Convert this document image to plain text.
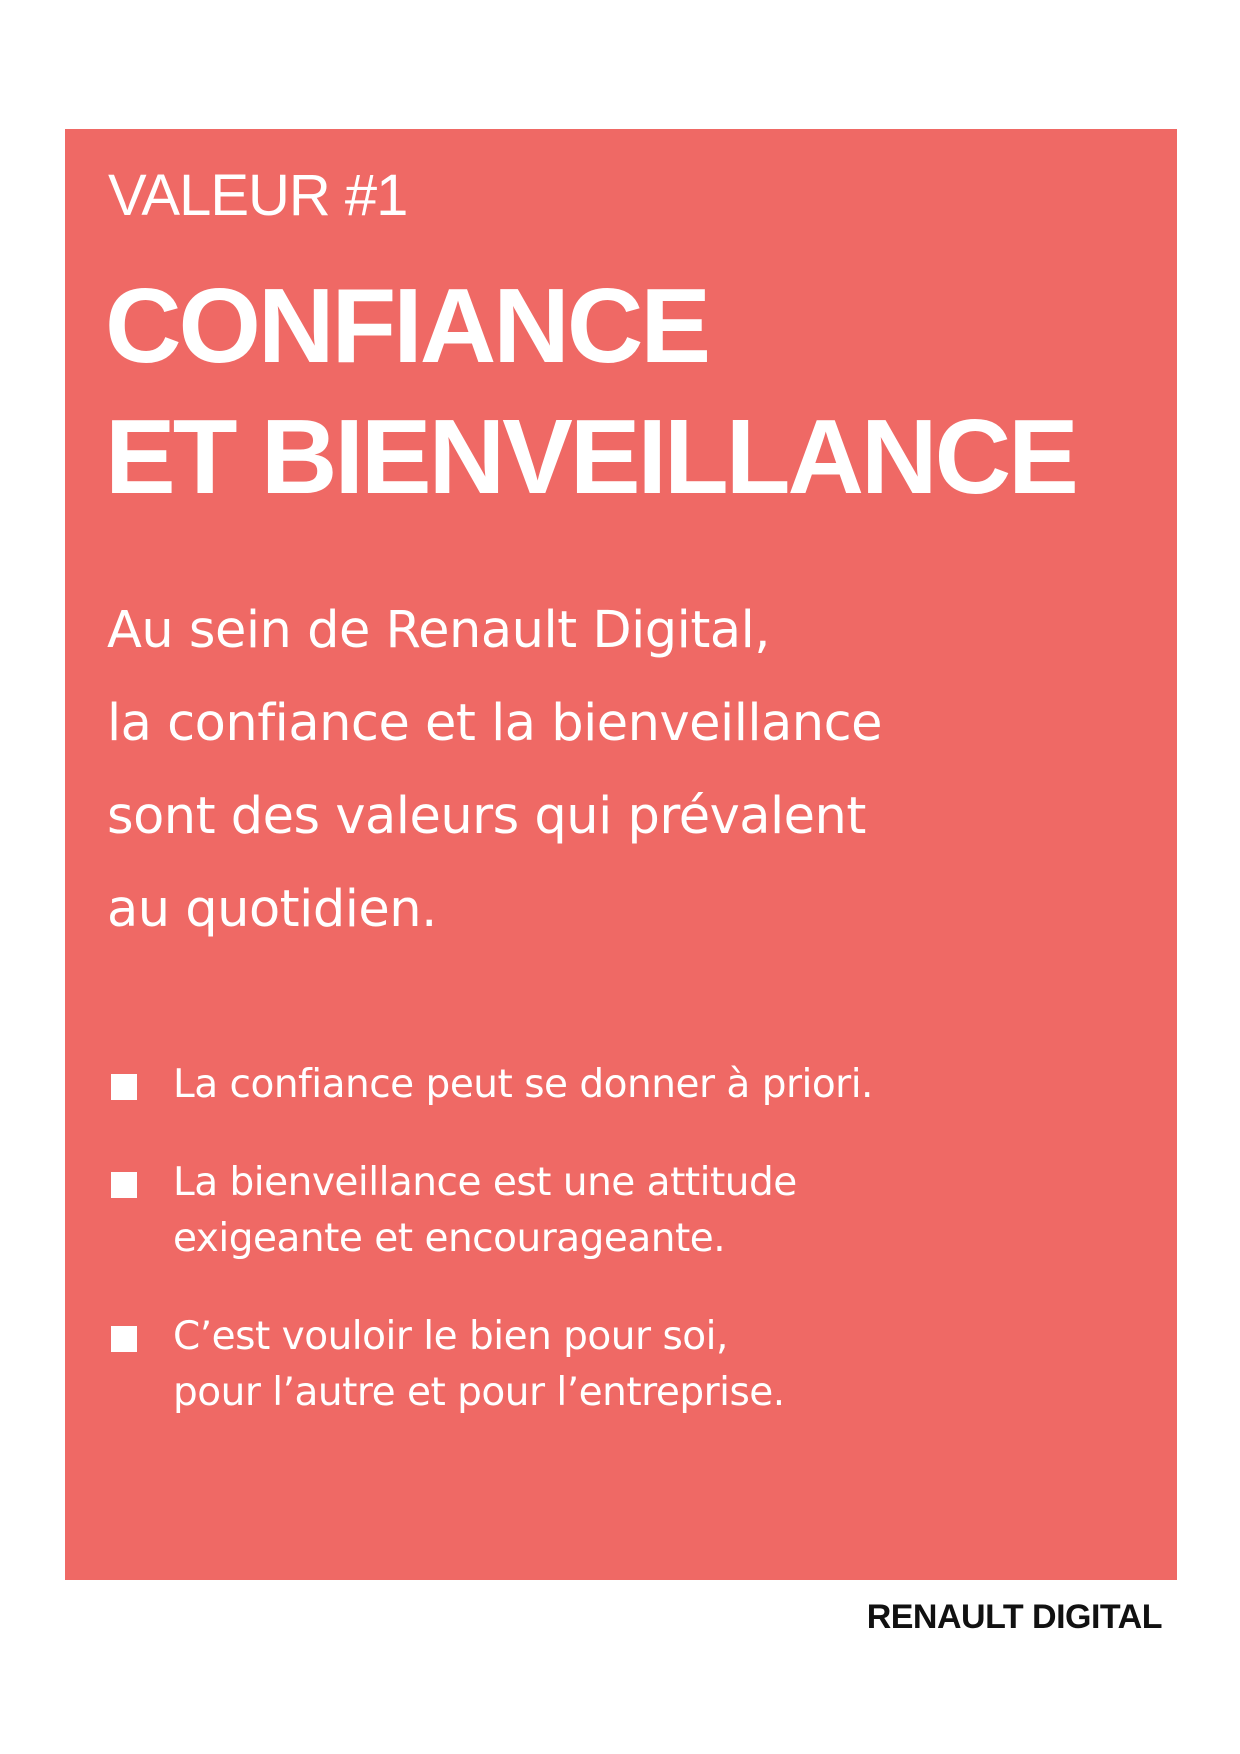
VALEUR #1
CONFIANCE
ET BIENVEILLANCE

Au sein de Renault Digital,
la confiance et la bienveillance
sont des valeurs qui prévalent
au quotidien.

La confiance peut se donner à priori.
La bienveillance est une attitude
exigeante et encourageante.
C’est vouloir le bien pour soi,
pour l’autre et pour l’entreprise.
RENAULT DIGITAL
